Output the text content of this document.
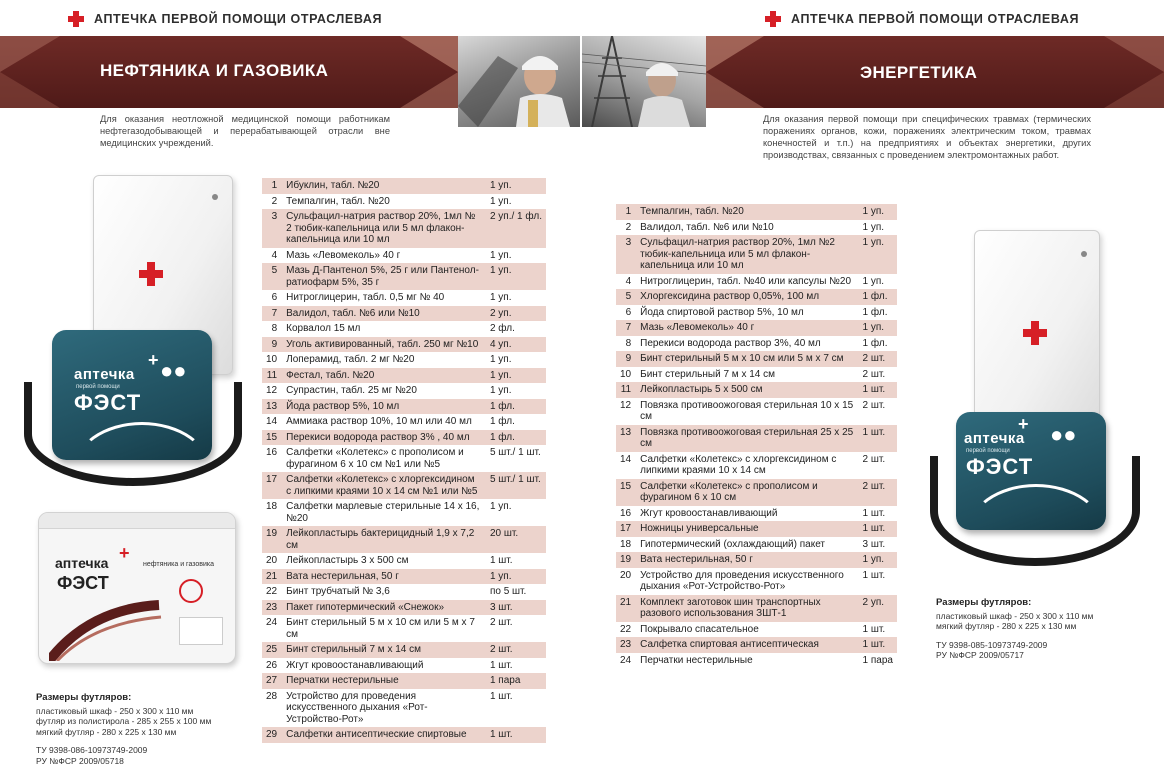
АПТЕЧКА ПЕРВОЙ ПОМОЩИ ОТРАСЛЕВАЯ	АПТЕЧКА ПЕРВОЙ ПОМОЩИ ОТРАСЛЕВАЯ
НЕФТЯНИКА И ГАЗОВИКА	ЭНЕРГЕТИКА
Для оказания неотложной медицинской помощи работникам нефтегазодобывающей и перерабатывающей отрасли вне медицинских учреждений.
Для оказания первой помощи при специфических травмах (термических поражениях органов, кожи, поражениях электрическим током, травмах конечностей и т.п.) на предприятиях и объектах энергетики, других производствах, связанных с проведением электромонтажных работ.
аптечка
первой помощи
ФЭСТ
●●
+
аптечка +
ФЭСТ
нефтяника и газовика
1	Ибуклин, табл. №20	1 уп.
2	Темпалгин, табл. №20	1 уп.
3	Сульфацил-натрия раствор 20%, 1мл № 2 тюбик-капельница или 5 мл флакон-капельница или 10 мл	2 уп./ 1 фл.
4	Мазь «Левомеколь» 40 г	1 уп.
5	Мазь Д-Пантенол 5%, 25 г или Пантенол-ратиофарм 5%, 35 г	1 уп.
6	Нитроглицерин, табл. 0,5 мг № 40	1 уп.
7	Валидол, табл. №6 или №10	2 уп.
8	Корвалол 15 мл	2 фл.
9	Уголь активированный, табл. 250 мг №10	4 уп.
10	Лоперамид, табл. 2 мг №20	1 уп.
11	Фестал, табл. №20	1 уп.
12	Супрастин, табл. 25 мг №20	1 уп.
13	Йода раствор 5%, 10 мл	1 фл.
14	Аммиака раствор 10%, 10 мл или 40 мл	1 фл.
15	Перекиси водорода раствор 3% , 40 мл	1 фл.
16	Салфетки «Колетекс» с прополисом и фурагином 6 х 10 см №1 или №5	5 шт./ 1 шт.
17	Салфетки «Колетекс» с хлоргексидином с липкими краями 10 х 14 см №1 или №5	5 шт./ 1 шт.
18	Салфетки марлевые стерильные 14 х 16, №20	1 уп.
19	Лейкопластырь бактерицидный 1,9 х 7,2 см	20 шт.
20	Лейкопластырь 3 х 500 см	1 шт.
21	Вата нестерильная, 50 г	1 уп.
22	Бинт трубчатый № 3,6	по 5 шт.
23	Пакет гипотермический «Снежок»	3 шт.
24	Бинт стерильный 5 м х 10 см или 5 м х 7 см	2 шт.
25	Бинт стерильный 7 м х 14 см	2 шт.
26	Жгут кровоостанавливающий	1 шт.
27	Перчатки нестерильные	1 пара
28	Устройство для проведения искусственного дыхания «Рот-Устройство-Рот»	1 шт.
29	Салфетки антисептические спиртовые	1 шт.
Размеры футляров:
пластиковый шкаф - 250 х 300 х 110 мм
футляр из полистирола - 285 х 255 х 100 мм
мягкий футляр - 280 х 225 х 130 мм
ТУ 9398-086-10973749-2009
РУ №ФСР 2009/05718
1	Темпалгин, табл. №20	1 уп.
2	Валидол, табл. №6 или №10	1 уп.
3	Сульфацил-натрия раствор 20%, 1мл №2 тюбик-капельница или 5 мл флакон-капельница или 10 мл	1 уп.
4	Нитроглицерин, табл. №40 или капсулы №20	1 уп.
5	Хлоргексидина раствор 0,05%, 100 мл	1 фл.
6	Йода спиртовой раствор 5%, 10 мл	1 фл.
7	Мазь «Левомеколь» 40 г	1 уп.
8	Перекиси водорода раствор 3%, 40 мл	1 фл.
9	Бинт стерильный 5 м х 10 см или 5 м х 7 см	2 шт.
10	Бинт стерильный 7 м х 14 см	2 шт.
11	Лейкопластырь 5 х 500 см	1 шт.
12	Повязка противоожоговая стерильная 10 х 15 см	2 шт.
13	Повязка противоожоговая стерильная 25 х 25 см	1 шт.
14	Салфетки «Колетекс» с хлоргексидином с липкими краями 10 х 14 см	2 шт.
15	Салфетки «Колетекс» с прополисом и фурагином 6 х 10 см	2 шт.
16	Жгут кровоостанавливающий	1 шт.
17	Ножницы универсальные	1 шт.
18	Гипотермический (охлаждающий) пакет	3 шт.
19	Вата нестерильная, 50 г	1 уп.
20	Устройство для проведения искусственного дыхания «Рот-Устройство-Рот»	1 шт.
21	Комплект заготовок шин транспортных разового использования ЗШТ-1	2 уп.
22	Покрывало спасательное	1 шт.
23	Салфетка спиртовая антисептическая	1 шт.
24	Перчатки нестерильные	1 пара
аптечка
первой помощи
ФЭСТ
●●
+
Размеры футляров:
пластиковый шкаф - 250 х 300 х 110 мм
мягкий футляр - 280 х 225 х 130 мм
ТУ 9398-085-10973749-2009
РУ №ФСР 2009/05717
